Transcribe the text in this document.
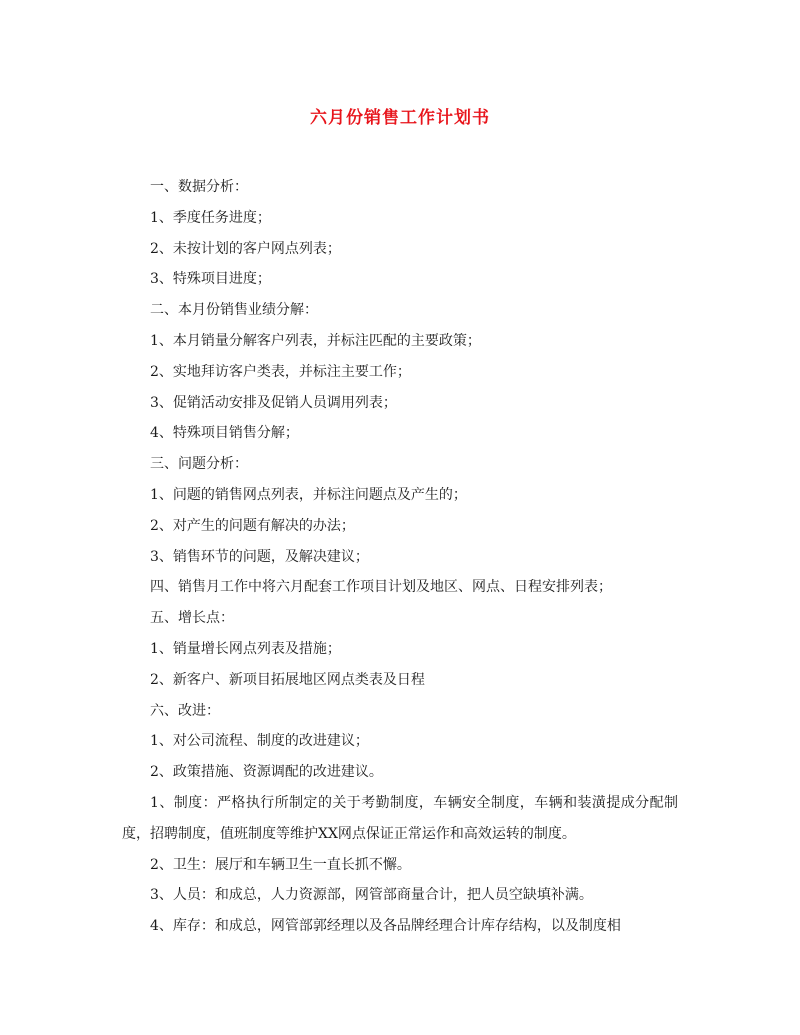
六月份销售工作计划书
一、数据分析：
1、季度任务进度；
2、未按计划的客户网点列表；
3、特殊项目进度；
二、本月份销售业绩分解：
1、本月销量分解客户列表，并标注匹配的主要政策；
2、实地拜访客户类表，并标注主要工作；
3、促销活动安排及促销人员调用列表；
4、特殊项目销售分解；
三、问题分析：
1、问题的销售网点列表，并标注问题点及产生的；
2、对产生的问题有解决的办法；
3、销售环节的问题，及解决建议；
四、销售月工作中将六月配套工作项目计划及地区、网点、日程安排列表；
五、增长点：
1、销量增长网点列表及措施；
2、新客户、新项目拓展地区网点类表及日程
六、改进：
1、对公司流程、制度的改进建议；
2、政策措施、资源调配的改进建议。
1、制度：严格执行所制定的关于考勤制度，车辆安全制度，车辆和装潢提成分配制度，招聘制度，值班制度等维护XX网点保证正常运作和高效运转的制度。
2、卫生：展厅和车辆卫生一直长抓不懈。
3、人员：和成总，人力资源部，网管部商量合计，把人员空缺填补满。
4、库存：和成总，网管部郭经理以及各品牌经理合计库存结构，以及制度相
